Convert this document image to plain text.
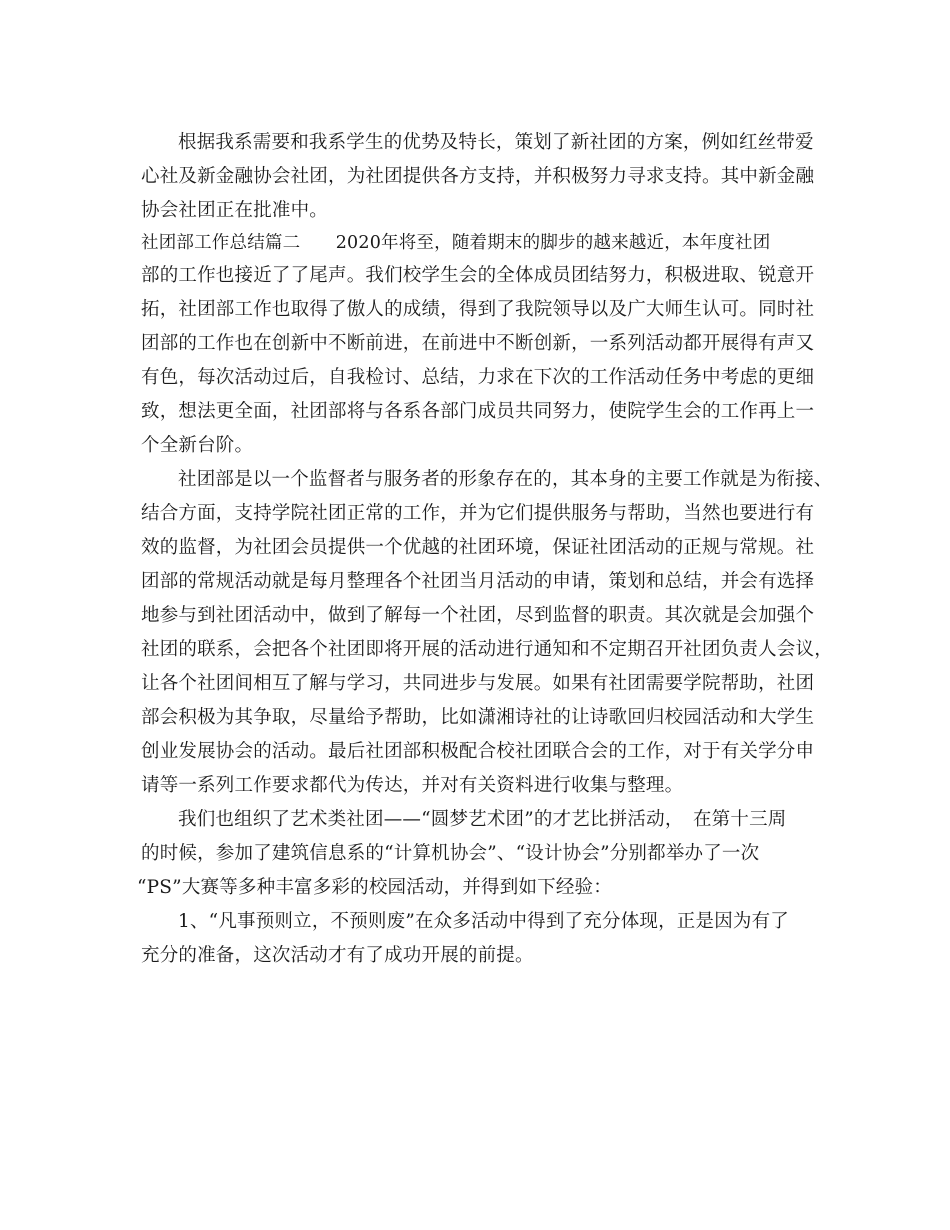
根据我系需要和我系学生的优势及特长，策划了新社团的方案，例如红丝带爱
心社及新金融协会社团，为社团提供各方支持，并积极努力寻求支持。其中新金融
协会社团正在批准中。
社团部工作总结篇二　　2020年将至，随着期末的脚步的越来越近，本年度社团
部的工作也接近了了尾声。我们校学生会的全体成员团结努力，积极进取、锐意开
拓，社团部工作也取得了傲人的成绩，得到了我院领导以及广大师生认可。同时社
团部的工作也在创新中不断前进，在前进中不断创新，一系列活动都开展得有声又
有色，每次活动过后，自我检讨、总结，力求在下次的工作活动任务中考虑的更细
致，想法更全面，社团部将与各系各部门成员共同努力，使院学生会的工作再上一
个全新台阶。
社团部是以一个监督者与服务者的形象存在的，其本身的主要工作就是为衔接、
结合方面，支持学院社团正常的工作，并为它们提供服务与帮助，当然也要进行有
效的监督，为社团会员提供一个优越的社团环境，保证社团活动的正规与常规。社
团部的常规活动就是每月整理各个社团当月活动的申请，策划和总结，并会有选择
地参与到社团活动中，做到了解每一个社团，尽到监督的职责。其次就是会加强个
社团的联系，会把各个社团即将开展的活动进行通知和不定期召开社团负责人会议，
让各个社团间相互了解与学习，共同进步与发展。如果有社团需要学院帮助，社团
部会积极为其争取，尽量给予帮助，比如潇湘诗社的让诗歌回归校园活动和大学生
创业发展协会的活动。最后社团部积极配合校社团联合会的工作，对于有关学分申
请等一系列工作要求都代为传达，并对有关资料进行收集与整理。
我们也组织了艺术类社团——“圆梦艺术团”的才艺比拼活动，　在第十三周
的时候，参加了建筑信息系的“计算机协会”、“设计协会”分别都举办了一次
“PS”大赛等多种丰富多彩的校园活动，并得到如下经验：
1、“凡事预则立，不预则废”在众多活动中得到了充分体现，正是因为有了
充分的准备，这次活动才有了成功开展的前提。
